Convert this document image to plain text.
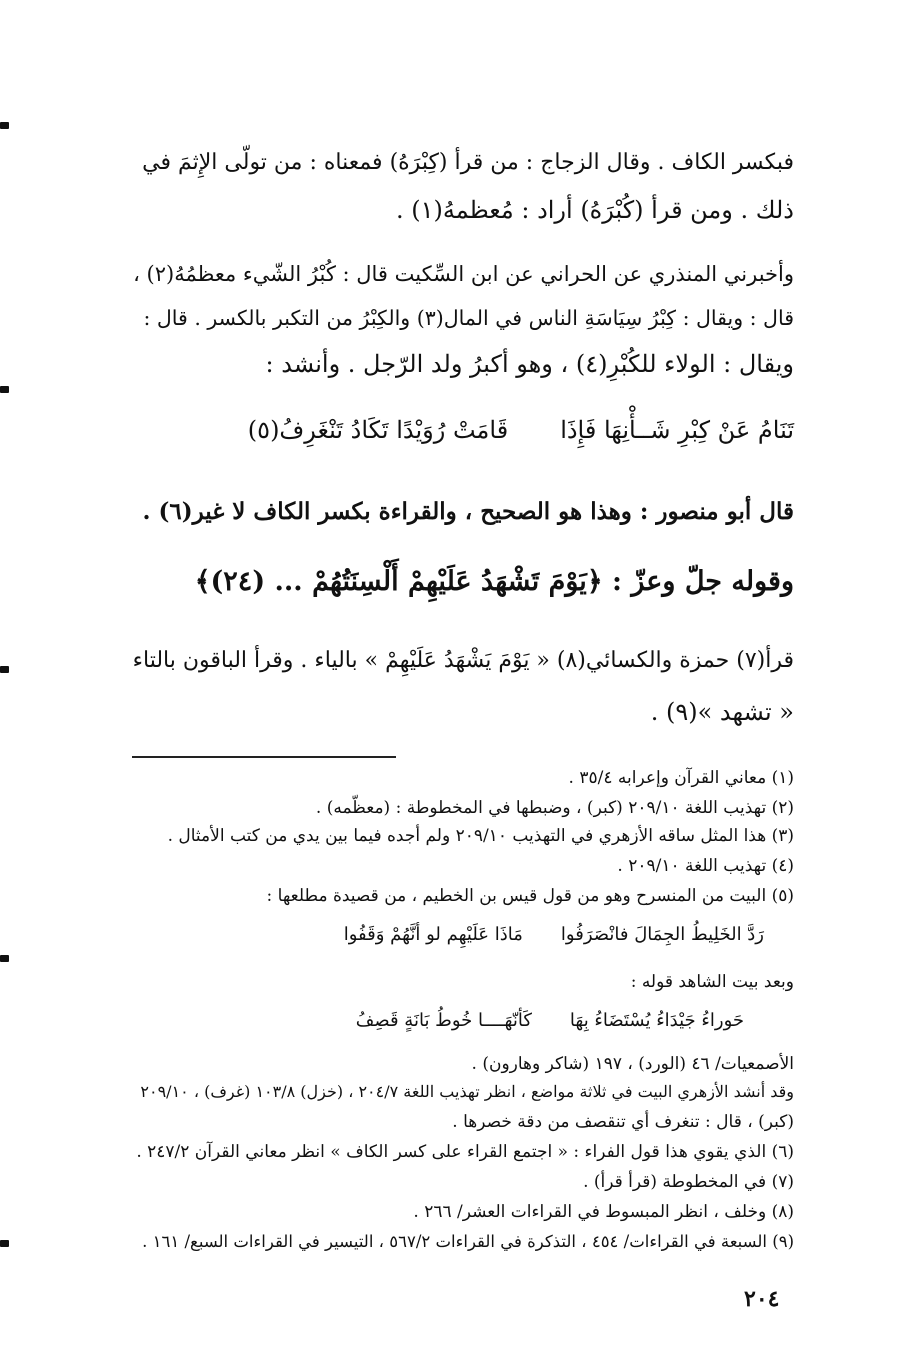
فبكسر الكاف . وقال الزجاج : من قرأ (كِبْرَهُ) فمعناه : من تولّى الإِثمَ في
ذلك . ومن قرأ (كُبْرَهُ) أراد : مُعظمهُ(١) .
وأخبرني المنذري عن الحراني عن ابن السِّكيت قال : كُبْرُ الشّيء معظمُهُ(٢) ،
قال : ويقال : كِبْرُ سِيَاسَةِ الناس في المال(٣) والكِبْرُ من التكبر بالكسر . قال :
ويقال : الولاء للكُبْرِ(٤) ، وهو أكبرُ ولد الرّجل . وأنشد :
تَنَامُ عَنْ كِبْرِ شَــأْنِهَا فَإِذَاقَامَتْ رُوَيْدًا تَكَادُ تَنْغَرِفُ(٥)
قال أبو منصور : وهذا هو الصحيح ، والقراءة بكسر الكاف لا غير(٦) .
وقوله جلّ وعزّ : ﴿يَوْمَ تَشْهَدُ عَلَيْهِمْ أَلْسِنَتُهُمْ ... (٢٤)﴾
قرأ(٧) حمزة والكسائي(٨) « يَوْمَ يَشْهَدُ عَلَيْهِمْ » بالياء . وقرأ الباقون بالتاء
« تشهد »(٩) .
(١) معاني القرآن وإعرابه ٣٥/٤ .
(٢) تهذيب اللغة ٢٠٩/١٠ (كبر) ، وضبطها في المخطوطة : (معظّمه) .
(٣) هذا المثل ساقه الأزهري في التهذيب ٢٠٩/١٠ ولم أجده فيما بين يدي من كتب الأمثال .
(٤) تهذيب اللغة ٢٠٩/١٠ .
(٥) البيت من المنسرح وهو من قول قيس بن الخطيم ، من قصيدة مطلعها :
رَدَّ الخَلِيطُ الجِمَالَ فانْصَرَفُوامَاذَا عَلَيْهِم لو أنَّهُمْ وَقَفُوا
وبعد بيت الشاهد قوله :
حَوراءُ جَيْدَاءُ يُسْتَضَاءُ بِهَاكَأنّهَــــا خُوطُ بَانَةٍ قَصِفُ
الأصمعيات/ ٤٦ (الورد) ، ١٩٧ (شاكر وهارون) .
وقد أنشد الأزهري البيت في ثلاثة مواضع ، انظر تهذيب اللغة ٢٠٤/٧ ، (خزل) ١٠٣/٨ (غرف) ، ٢٠٩/١٠
(كبر) ، قال : تنغرف أي تنقصف من دقة خصرها .
(٦) الذي يقوي هذا قول الفراء : « اجتمع القراء على كسر الكاف » انظر معاني القرآن ٢٤٧/٢ .
(٧) في المخطوطة (قرأ قرأ) .
(٨) وخلف ، انظر المبسوط في القراءات العشر/ ٢٦٦ .
(٩) السبعة في القراءات/ ٤٥٤ ، التذكرة في القراءات ٥٦٧/٢ ، التيسير في القراءات السبع/ ١٦١ .
٢٠٤
